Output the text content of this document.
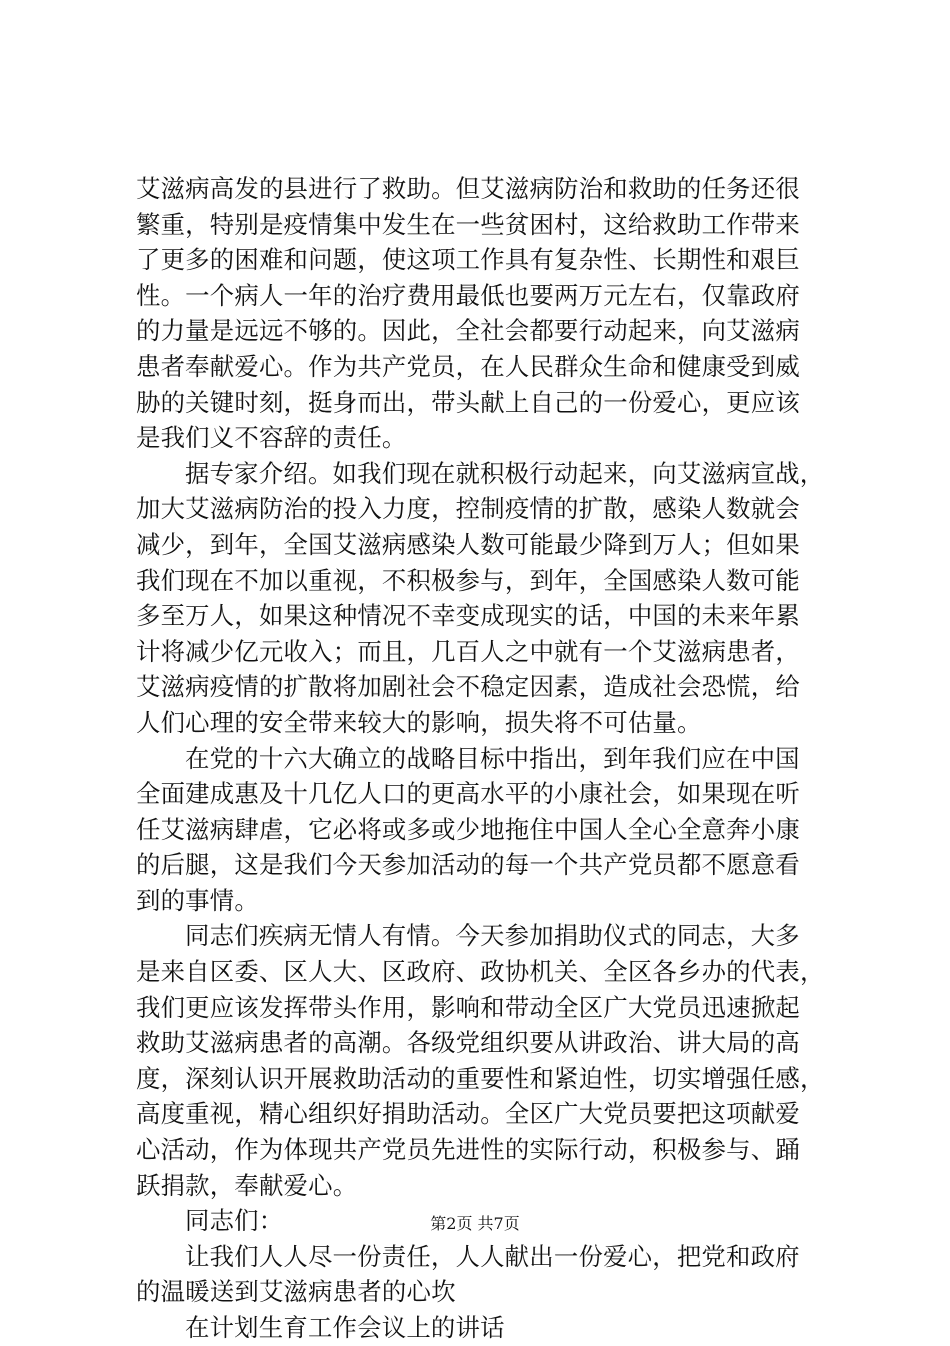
艾滋病高发的县进行了救助。但艾滋病防治和救助的任务还很
繁重，特别是疫情集中发生在一些贫困村，这给救助工作带来
了更多的困难和问题，使这项工作具有复杂性、长期性和艰巨
性。一个病人一年的治疗费用最低也要两万元左右，仅靠政府
的力量是远远不够的。因此，全社会都要行动起来，向艾滋病
患者奉献爱心。作为共产党员，在人民群众生命和健康受到威
胁的关键时刻，挺身而出，带头献上自己的一份爱心，更应该
是我们义不容辞的责任。

据专家介绍。如我们现在就积极行动起来，向艾滋病宣战，
加大艾滋病防治的投入力度，控制疫情的扩散，感染人数就会
减少，到年，全国艾滋病感染人数可能最少降到万人；但如果
我们现在不加以重视，不积极参与，到年，全国感染人数可能
多至万人，如果这种情况不幸变成现实的话，中国的未来年累
计将减少亿元收入；而且，几百人之中就有一个艾滋病患者，
艾滋病疫情的扩散将加剧社会不稳定因素，造成社会恐慌，给
人们心理的安全带来较大的影响，损失将不可估量。

在党的十六大确立的战略目标中指出，到年我们应在中国
全面建成惠及十几亿人口的更高水平的小康社会，如果现在听
任艾滋病肆虐，它必将或多或少地拖住中国人全心全意奔小康
的后腿，这是我们今天参加活动的每一个共产党员都不愿意看
到的事情。

同志们疾病无情人有情。今天参加捐助仪式的同志，大多
是来自区委、区人大、区政府、政协机关、全区各乡办的代表，
我们更应该发挥带头作用，影响和带动全区广大党员迅速掀起
救助艾滋病患者的高潮。各级党组织要从讲政治、讲大局的高
度，深刻认识开展救助活动的重要性和紧迫性，切实增强任感，
高度重视，精心组织好捐助活动。全区广大党员要把这项献爱
心活动，作为体现共产党员先进性的实际行动，积极参与、踊
跃捐款，奉献爱心。

同志们：

让我们人人尽一份责任，人人献出一份爱心，把党和政府
的温暖送到艾滋病患者的心坎

在计划生育工作会议上的讲话

第2页 共7页
